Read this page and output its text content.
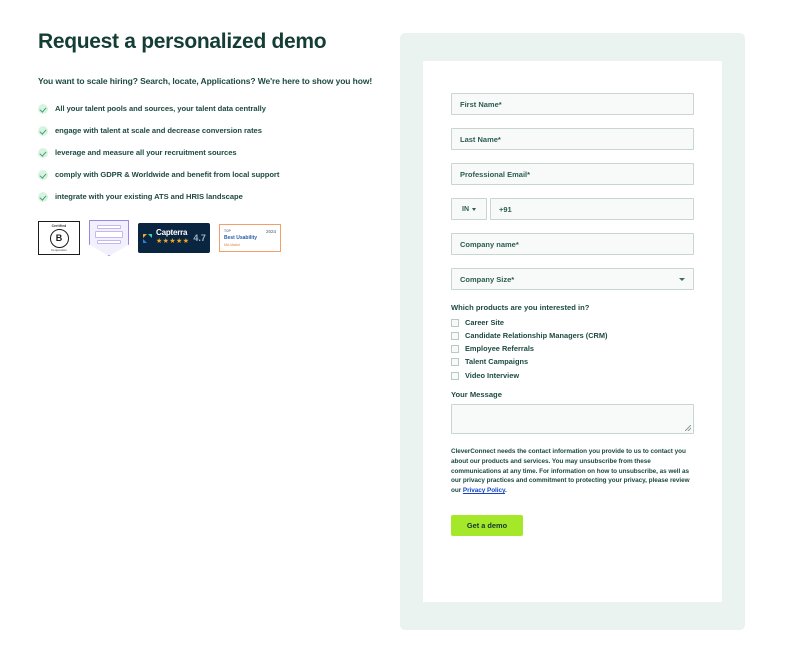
Request a personalized demo

You want to scale hiring? Search, locate, Applications? We're here to show you how!

All your talent pools and sources, your talent data centrally
engage with talent at scale and decrease conversion rates
leverage and measure all your recruitment sources
comply with GDPR & Worldwide and benefit from local support
integrate with your existing ATS and HRIS landscape
Certified
B
Corporation
Capterra
★★★★★ 4.7
TOP	2024
Best Usability
Mid-Market
First Name*
Last Name*
Professional Email*
IN	+91
Company name*
Company Size*
Which products are you interested in?
Career Site
Candidate Relationship Managers (CRM)
Employee Referrals
Talent Campaigns
Video Interview
Your Message

CleverConnect needs the contact information you provide to us to contact you about our products and services. You may unsubscribe from these communications at any time. For information on how to unsubscribe, as well as our privacy practices and commitment to protecting your privacy, please review our Privacy Policy.

Get a demo
